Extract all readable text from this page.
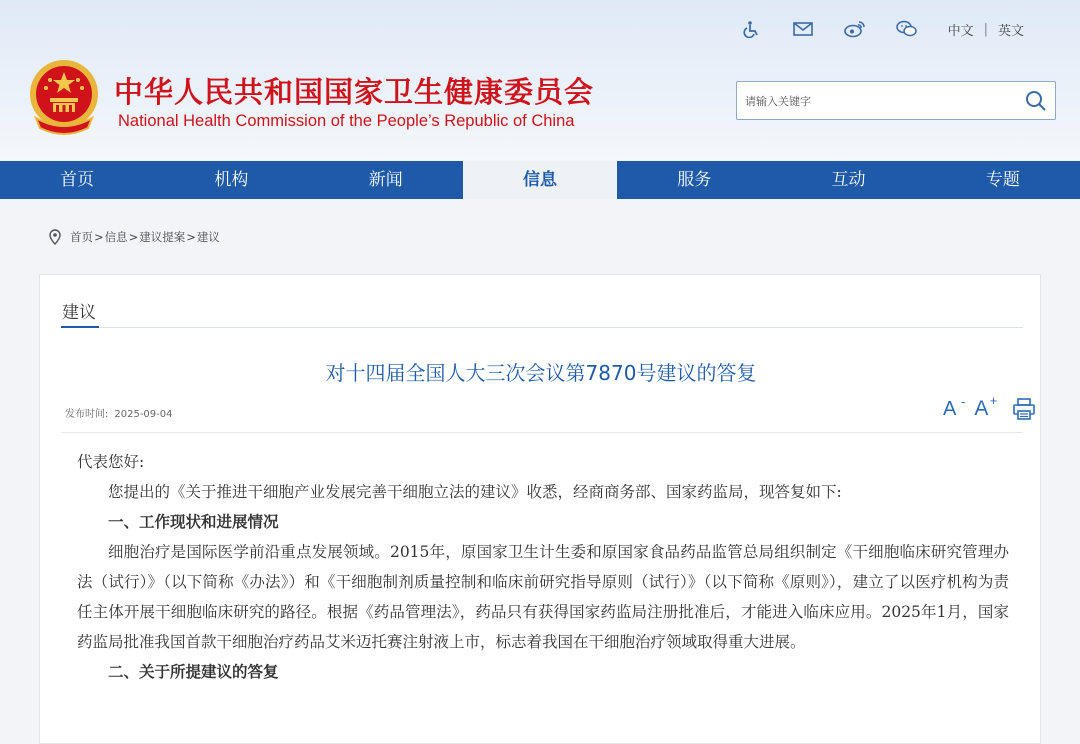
中文 | 英文
中华人民共和国国家卫生健康委员会
National Health Commission of the People’s Republic of China
请输入关键字
首页	机构	新闻	信息	服务	互动	专题
首页 > 信息 > 建议提案 > 建议
建议
对十四届全国人大三次会议第7870号建议的答复
发布时间: 2025-09-04	A - A +

代表您好:

您提出的《关于推进干细胞产业发展完善干细胞立法的建议》收悉，经商商务部、国家药监局，现答复如下:

一、工作现状和进展情况

细胞治疗是国际医学前沿重点发展领域。2015年，原国家卫生计生委和原国家食品药品监管总局组织制定《干细胞临床研究管理办法（试行）》（以下简称《办法》）和《干细胞制剂质量控制和临床前研究指导原则（试行）》（以下简称《原则》），建立了以医疗机构为责任主体开展干细胞临床研究的路径。根据《药品管理法》，药品只有获得国家药监局注册批准后，才能进入临床应用。2025年1月，国家药监局批准我国首款干细胞治疗药品艾米迈托赛注射液上市，标志着我国在干细胞治疗领域取得重大进展。

二、关于所提建议的答复
